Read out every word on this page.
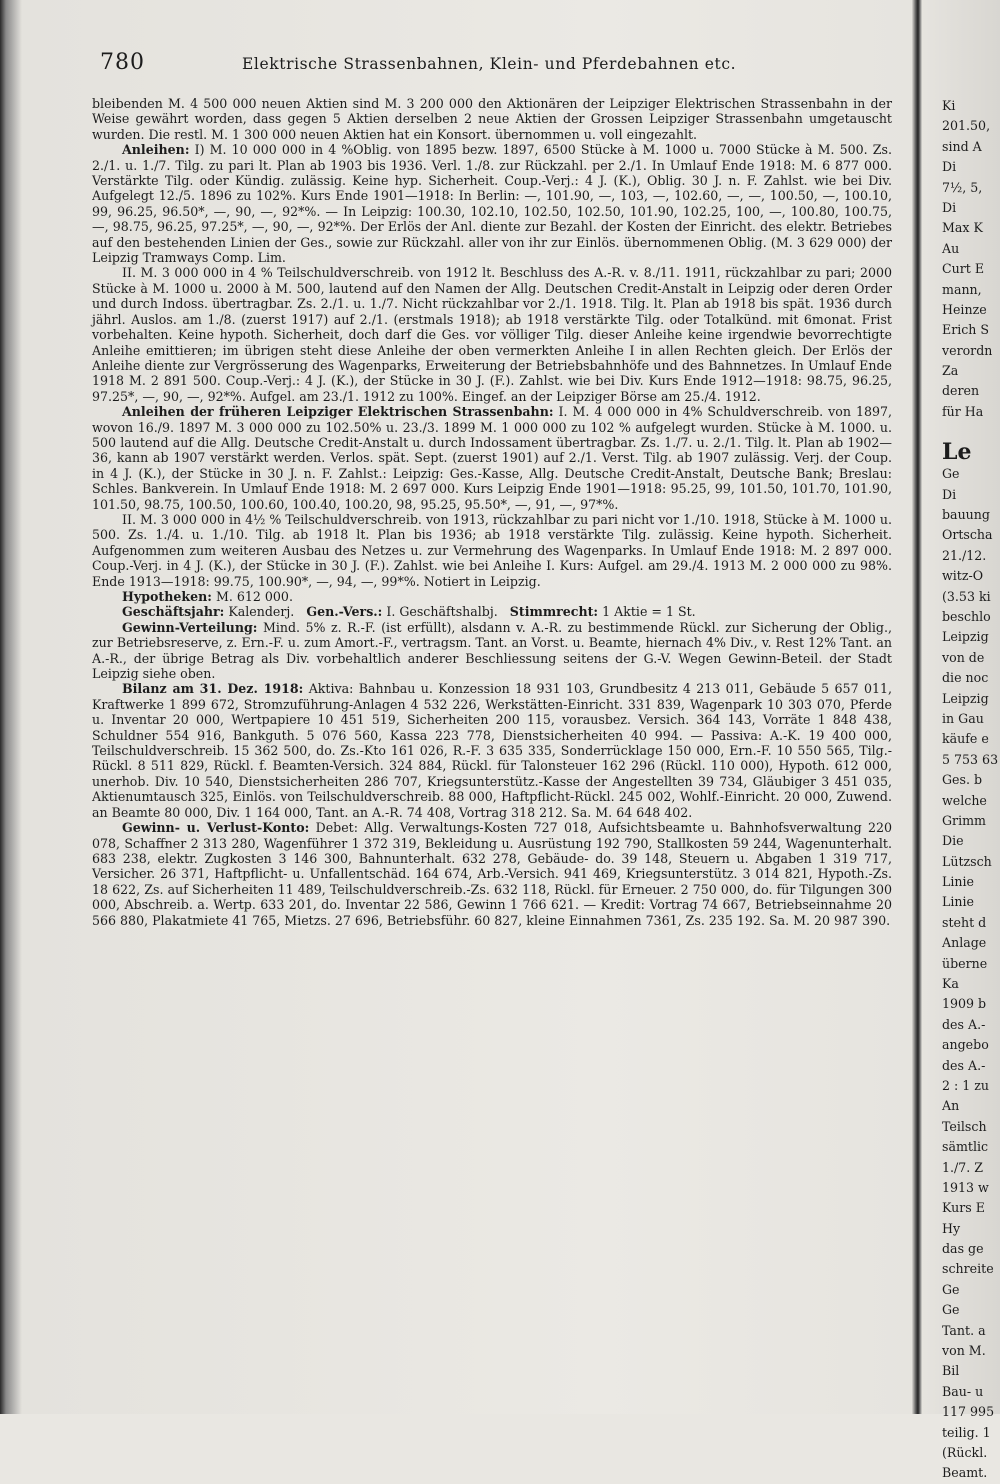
780	Elektrische Strassenbahnen, Klein- und Pferdebahnen etc.

bleibenden M. 4 500 000 neuen Aktien sind M. 3 200 000 den Aktionären der Leipziger Elektrischen Strassenbahn in der Weise gewährt worden, dass gegen 5 Aktien derselben 2 neue Aktien der Grossen Leipziger Strassenbahn umgetauscht wurden. Die restl. M. 1 300 000 neuen Aktien hat ein Konsort. übernommen u. voll eingezahlt.

Anleihen: I) M. 10 000 000 in 4 %Oblig. von 1895 bezw. 1897, 6500 Stücke à M. 1000 u. 7000 Stücke à M. 500. Zs. 2./1. u. 1./7. Tilg. zu pari lt. Plan ab 1903 bis 1936. Verl. 1./8. zur Rückzahl. per 2./1. In Umlauf Ende 1918: M. 6 877 000. Verstärkte Tilg. oder Kündig. zulässig. Keine hyp. Sicherheit. Coup.-Verj.: 4 J. (K.), Oblig. 30 J. n. F. Zahlst. wie bei Div. Aufgelegt 12./5. 1896 zu 102%. Kurs Ende 1901—1918: In Berlin: —, 101.90, —, 103, —, 102.60, —, —, 100.50, —, 100.10, 99, 96.25, 96.50*, —, 90, —, 92*%. — In Leipzig: 100.30, 102.10, 102.50, 102.50, 101.90, 102.25, 100, —, 100.80, 100.75, —, 98.75, 96.25, 97.25*, —, 90, —, 92*%. Der Erlös der Anl. diente zur Bezahl. der Kosten der Einricht. des elektr. Betriebes auf den bestehenden Linien der Ges., sowie zur Rückzahl. aller von ihr zur Einlös. übernommenen Oblig. (M. 3 629 000) der Leipzig Tramways Comp. Lim.

II. M. 3 000 000 in 4 % Teilschuldverschreib. von 1912 lt. Beschluss des A.-R. v. 8./11. 1911, rückzahlbar zu pari; 2000 Stücke à M. 1000 u. 2000 à M. 500, lautend auf den Namen der Allg. Deutschen Credit-Anstalt in Leipzig oder deren Order und durch Indoss. übertragbar. Zs. 2./1. u. 1./7. Nicht rückzahlbar vor 2./1. 1918. Tilg. lt. Plan ab 1918 bis spät. 1936 durch jährl. Auslos. am 1./8. (zuerst 1917) auf 2./1. (erstmals 1918); ab 1918 verstärkte Tilg. oder Totalkünd. mit 6monat. Frist vorbehalten. Keine hypoth. Sicherheit, doch darf die Ges. vor völliger Tilg. dieser Anleihe keine irgendwie bevorrechtigte Anleihe emittieren; im übrigen steht diese Anleihe der oben vermerkten Anleihe I in allen Rechten gleich. Der Erlös der Anleihe diente zur Vergrösserung des Wagenparks, Erweiterung der Betriebsbahnhöfe und des Bahnnetzes. In Umlauf Ende 1918 M. 2 891 500. Coup.-Verj.: 4 J. (K.), der Stücke in 30 J. (F.). Zahlst. wie bei Div. Kurs Ende 1912—1918: 98.75, 96.25, 97.25*, —, 90, —, 92*%. Aufgel. am 23./1. 1912 zu 100%. Eingef. an der Leipziger Börse am 25./4. 1912.

Anleihen der früheren Leipziger Elektrischen Strassenbahn: I. M. 4 000 000 in 4% Schuldverschreib. von 1897, wovon 16./9. 1897 M. 3 000 000 zu 102.50% u. 23./3. 1899 M. 1 000 000 zu 102 % aufgelegt wurden. Stücke à M. 1000. u. 500 lautend auf die Allg. Deutsche Credit-Anstalt u. durch Indossament übertragbar. Zs. 1./7. u. 2./1. Tilg. lt. Plan ab 1902—36, kann ab 1907 verstärkt werden. Verlos. spät. Sept. (zuerst 1901) auf 2./1. Verst. Tilg. ab 1907 zulässig. Verj. der Coup. in 4 J. (K.), der Stücke in 30 J. n. F. Zahlst.: Leipzig: Ges.-Kasse, Allg. Deutsche Credit-Anstalt, Deutsche Bank; Breslau: Schles. Bankverein. In Umlauf Ende 1918: M. 2 697 000. Kurs Leipzig Ende 1901—1918: 95.25, 99, 101.50, 101.70, 101.90, 101.50, 98.75, 100.50, 100.60, 100.40, 100.20, 98, 95.25, 95.50*, —, 91, —, 97*%.

II. M. 3 000 000 in 4½ % Teilschuldverschreib. von 1913, rückzahlbar zu pari nicht vor 1./10. 1918, Stücke à M. 1000 u. 500. Zs. 1./4. u. 1./10. Tilg. ab 1918 lt. Plan bis 1936; ab 1918 verstärkte Tilg. zulässig. Keine hypoth. Sicherheit. Aufgenommen zum weiteren Ausbau des Netzes u. zur Vermehrung des Wagenparks. In Umlauf Ende 1918: M. 2 897 000. Coup.-Verj. in 4 J. (K.), der Stücke in 30 J. (F.). Zahlst. wie bei Anleihe I. Kurs: Aufgel. am 29./4. 1913 M. 2 000 000 zu 98%. Ende 1913—1918: 99.75, 100.90*, —, 94, —, 99*%. Notiert in Leipzig.

Hypotheken: M. 612 000.

Geschäftsjahr: Kalenderj. Gen.-Vers.: I. Geschäftshalbj. Stimmrecht: 1 Aktie = 1 St.

Gewinn-Verteilung: Mind. 5% z. R.-F. (ist erfüllt), alsdann v. A.-R. zu bestimmende Rückl. zur Sicherung der Oblig., zur Betriebsreserve, z. Ern.-F. u. zum Amort.-F., vertragsm. Tant. an Vorst. u. Beamte, hiernach 4% Div., v. Rest 12% Tant. an A.-R., der übrige Betrag als Div. vorbehaltlich anderer Beschliessung seitens der G.-V. Wegen Gewinn-Beteil. der Stadt Leipzig siehe oben.

Bilanz am 31. Dez. 1918: Aktiva: Bahnbau u. Konzession 18 931 103, Grundbesitz 4 213 011, Gebäude 5 657 011, Kraftwerke 1 899 672, Stromzuführung-Anlagen 4 532 226, Werkstätten-Einricht. 331 839, Wagenpark 10 303 070, Pferde u. Inventar 20 000, Wertpapiere 10 451 519, Sicherheiten 200 115, vorausbez. Versich. 364 143, Vorräte 1 848 438, Schuldner 554 916, Bankguth. 5 076 560, Kassa 223 778, Dienstsicherheiten 40 994. — Passiva: A.-K. 19 400 000, Teilschuldverschreib. 15 362 500, do. Zs.-Kto 161 026, R.-F. 3 635 335, Sonderrücklage 150 000, Ern.-F. 10 550 565, Tilg.-Rückl. 8 511 829, Rückl. f. Beamten-Versich. 324 884, Rückl. für Talonsteuer 162 296 (Rückl. 110 000), Hypoth. 612 000, unerhob. Div. 10 540, Dienstsicherheiten 286 707, Kriegsunterstütz.-Kasse der Angestellten 39 734, Gläubiger 3 451 035, Aktienumtausch 325, Einlös. von Teilschuldverschreib. 88 000, Haftpflicht-Rückl. 245 002, Wohlf.-Einricht. 20 000, Zuwend. an Beamte 80 000, Div. 1 164 000, Tant. an A.-R. 74 408, Vortrag 318 212. Sa. M. 64 648 402.

Gewinn- u. Verlust-Konto: Debet: Allg. Verwaltungs-Kosten 727 018, Aufsichtsbeamte u. Bahnhofsverwaltung 220 078, Schaffner 2 313 280, Wagenführer 1 372 319, Bekleidung u. Ausrüstung 192 790, Stallkosten 59 244, Wagenunterhalt. 683 238, elektr. Zugkosten 3 146 300, Bahnunterhalt. 632 278, Gebäude- do. 39 148, Steuern u. Abgaben 1 319 717, Versicher. 26 371, Haftpflicht- u. Unfallentschäd. 164 674, Arb.-Versich. 941 469, Kriegsunterstütz. 3 014 821, Hypoth.-Zs. 18 622, Zs. auf Sicherheiten 11 489, Teilschuldverschreib.-Zs. 632 118, Rückl. für Erneuer. 2 750 000, do. für Tilgungen 300 000, Abschreib. a. Wertp. 633 201, do. Inventar 22 586, Gewinn 1 766 621. — Kredit: Vortrag 74 667, Betriebseinnahme 20 566 880, Plakatmiete 41 765, Mietzs. 27 696, Betriebsführ. 60 827, kleine Einnahmen 7361, Zs. 235 192. Sa. M. 20 987 390.

Ki
201.50,
sind A
Di
7½, 5,
Di
Max K
Au
Curt E
mann,
Heinze
Erich S
verordn
Za
deren
für Ha
Le
Ge
Di
bauung
Ortscha
21./12.
witz-O
(3.53 ki
beschlo
Leipzig
von de
die noc
Leipzig
in Gau
käufe e
5 753 63
Ges. b
welche
Grimm
Die
Lützsch
Linie
Linie
steht d
Anlage
überne
Ka
1909 b
des A.-
angebo
des A.-
2 : 1 zu
An
Teilsch
sämtlic
1./7. Z
1913 w
Kurs E
Hy
das ge
schreite
Ge
Ge
Tant. a
von M.
Bil
Bau- u
117 995
teilig. 1
(Rückl.
Beamt.
